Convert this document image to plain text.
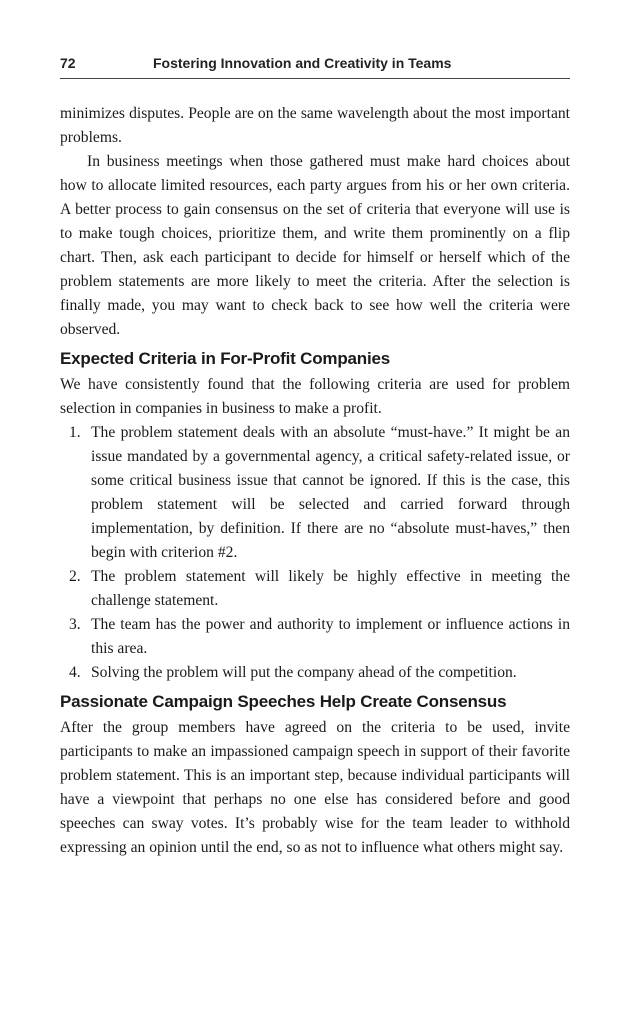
72	Fostering Innovation and Creativity in Teams

minimizes disputes. People are on the same wavelength about the most important problems.

In business meetings when those gathered must make hard choices about how to allocate limited resources, each party argues from his or her own criteria. A better process to gain consensus on the set of criteria that everyone will use is to make tough choices, prioritize them, and write them prominently on a flip chart. Then, ask each participant to decide for himself or herself which of the problem statements are more likely to meet the criteria. After the selection is finally made, you may want to check back to see how well the criteria were observed.

Expected Criteria in For-Profit Companies

We have consistently found that the following criteria are used for problem selection in companies in business to make a profit.

1. The problem statement deals with an absolute “must-have.” It might be an issue mandated by a governmental agency, a critical safety-related issue, or some critical business issue that cannot be ignored. If this is the case, this problem statement will be selected and carried forward through implementation, by definition. If there are no “absolute must-haves,” then begin with criterion #2.
2. The problem statement will likely be highly effective in meeting the challenge statement.
3. The team has the power and authority to implement or influence actions in this area.
4. Solving the problem will put the company ahead of the competition.
Passionate Campaign Speeches Help Create Consensus

After the group members have agreed on the criteria to be used, invite participants to make an impassioned campaign speech in support of their favorite problem statement. This is an important step, because individual participants will have a viewpoint that perhaps no one else has considered before and good speeches can sway votes. It’s probably wise for the team leader to withhold expressing an opinion until the end, so as not to influence what others might say.
